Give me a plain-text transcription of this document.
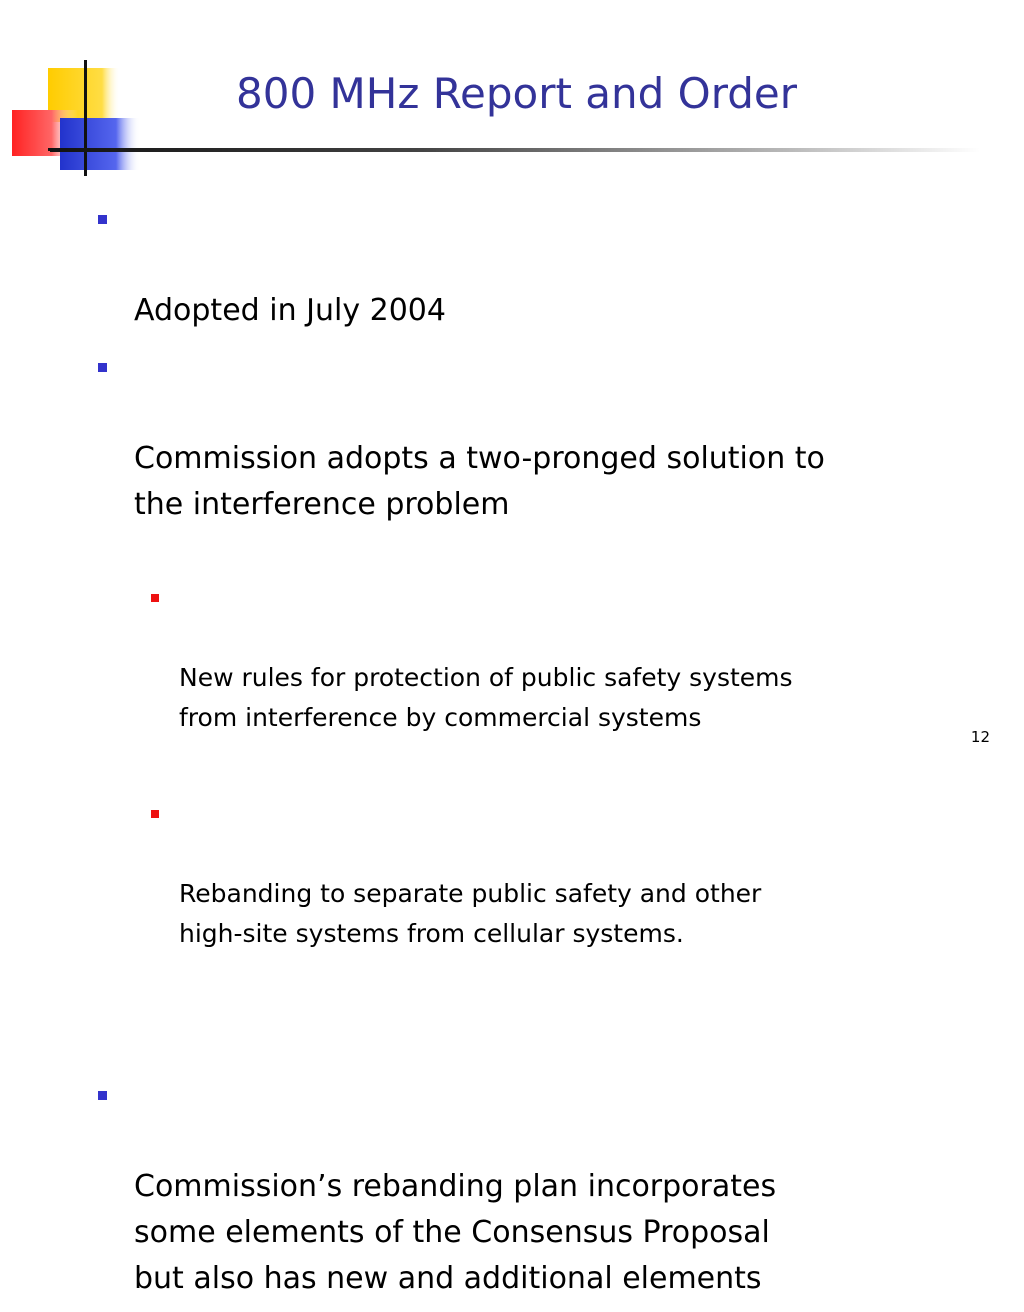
800 MHz Report and Order

Adopted in July 2004

Commission adopts a two-pronged solution to
the interference problem

New rules for protection of public safety systems
from interference by commercial systems

Rebanding to separate public safety and other
high-site systems from cellular systems.

Commission’s rebanding plan incorporates
some elements of the Consensus Proposal
but also has new and additional elements

12
